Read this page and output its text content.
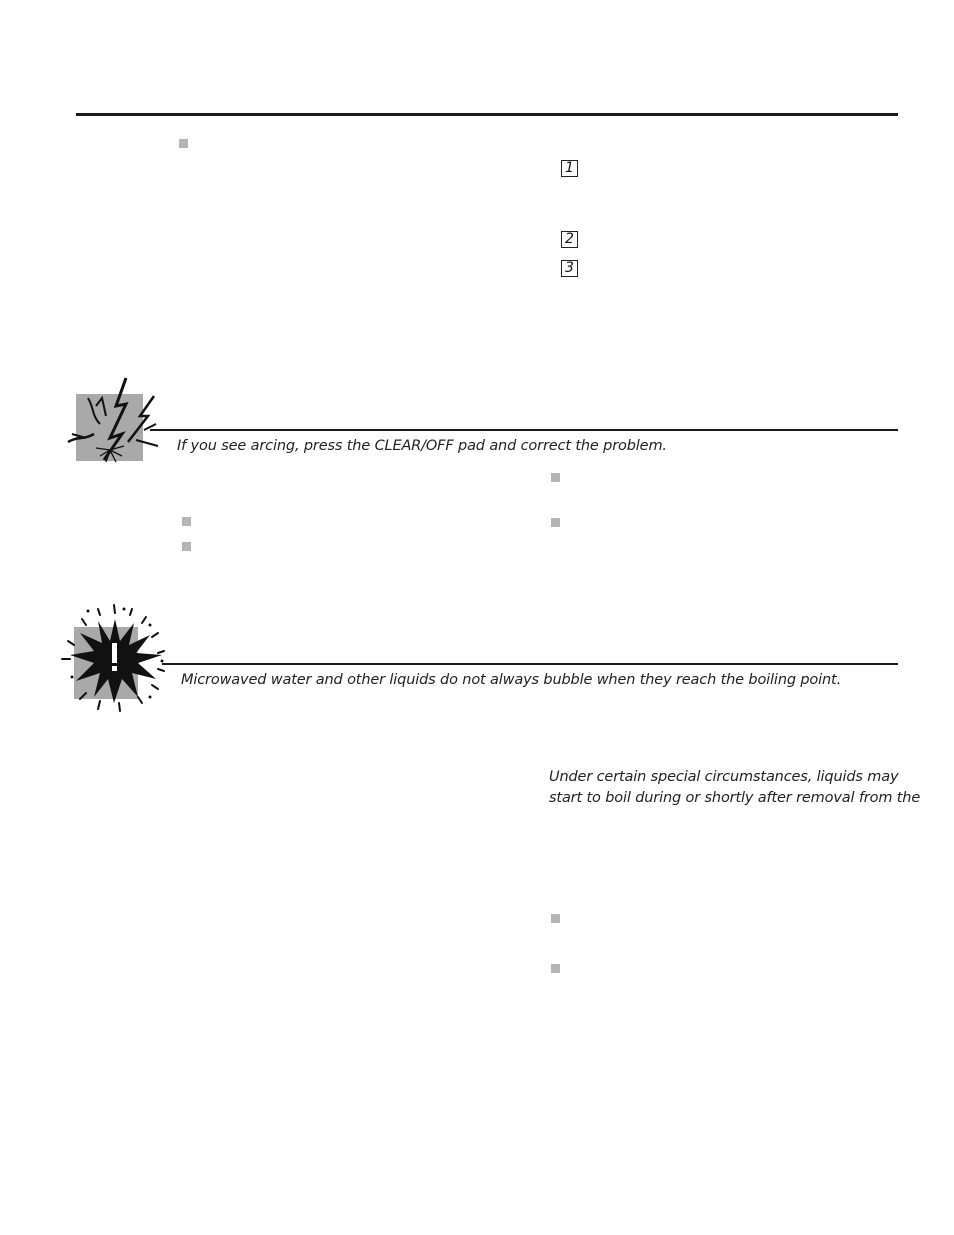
1
2
3
If you see arcing, press the CLEAR/OFF pad and correct the problem.
Microwaved water and other liquids do not always bubble when they reach the boiling point.
Under certain special circumstances, liquids may
start to boil during or shortly after removal from the
